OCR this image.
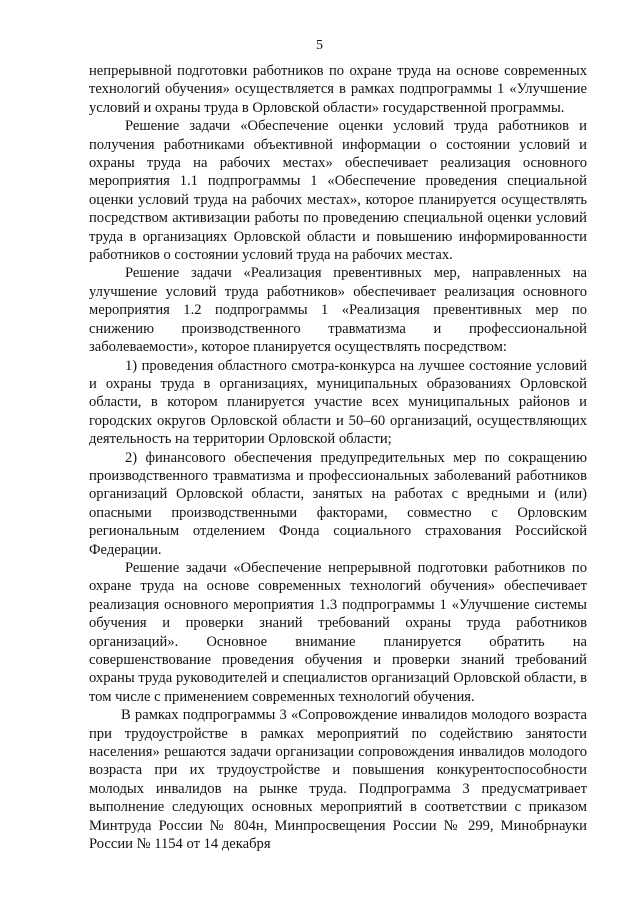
5

непрерывной подготовки работников по охране труда на основе современных технологий обучения» осуществляется в рамках подпрограммы 1 «Улучшение условий и охраны труда в Орловской области» государственной программы.

Решение задачи «Обеспечение оценки условий труда работников и получения работниками объективной информации о состоянии условий и охраны труда на рабочих местах» обеспечивает реализация основного мероприятия 1.1 подпрограммы 1 «Обеспечение проведения специальной оценки условий труда на рабочих местах», которое планируется осуществлять посредством активизации работы по проведению специальной оценки условий труда в организациях Орловской области и повышению информированности работников о состоянии условий труда на рабочих местах.

Решение задачи «Реализация превентивных мер, направленных на улучшение условий труда работников» обеспечивает реализация основного мероприятия 1.2 подпрограммы 1 «Реализация превентивных мер по снижению производственного травматизма и профессиональной заболеваемости», которое планируется осуществлять посредством:

1) проведения областного смотра-конкурса на лучшее состояние условий и охраны труда в организациях, муниципальных образованиях Орловской области, в котором планируется участие всех муниципальных районов и городских округов Орловской области и 50–60 организаций, осуществляющих деятельность на территории Орловской области;

2) финансового обеспечения предупредительных мер по сокращению производственного травматизма и профессиональных заболеваний работников организаций Орловской области, занятых на работах с вредными и (или) опасными производственными факторами, совместно с Орловским региональным отделением Фонда социального страхования Российской Федерации.

Решение задачи «Обеспечение непрерывной подготовки работников по охране труда на основе современных технологий обучения» обеспечивает реализация основного мероприятия 1.3 подпрограммы 1 «Улучшение системы обучения и проверки знаний требований охраны труда работников организаций». Основное внимание планируется обратить на совершенствование проведения обучения и проверки знаний требований охраны труда руководителей и специалистов организаций Орловской области, в том числе с применением современных технологий обучения.

В рамках подпрограммы 3 «Сопровождение инвалидов молодого возраста при трудоустройстве в рамках мероприятий по содействию занятости населения» решаются задачи организации сопровождения инвалидов молодого возраста при их трудоустройстве и повышения конкурентоспособности молодых инвалидов на рынке труда. Подпрограмма 3 предусматривает выполнение следующих основных мероприятий в соответствии с приказом Минтруда России № 804н, Минпросвещения России № 299, Минобрнауки России № 1154 от 14 декабря
